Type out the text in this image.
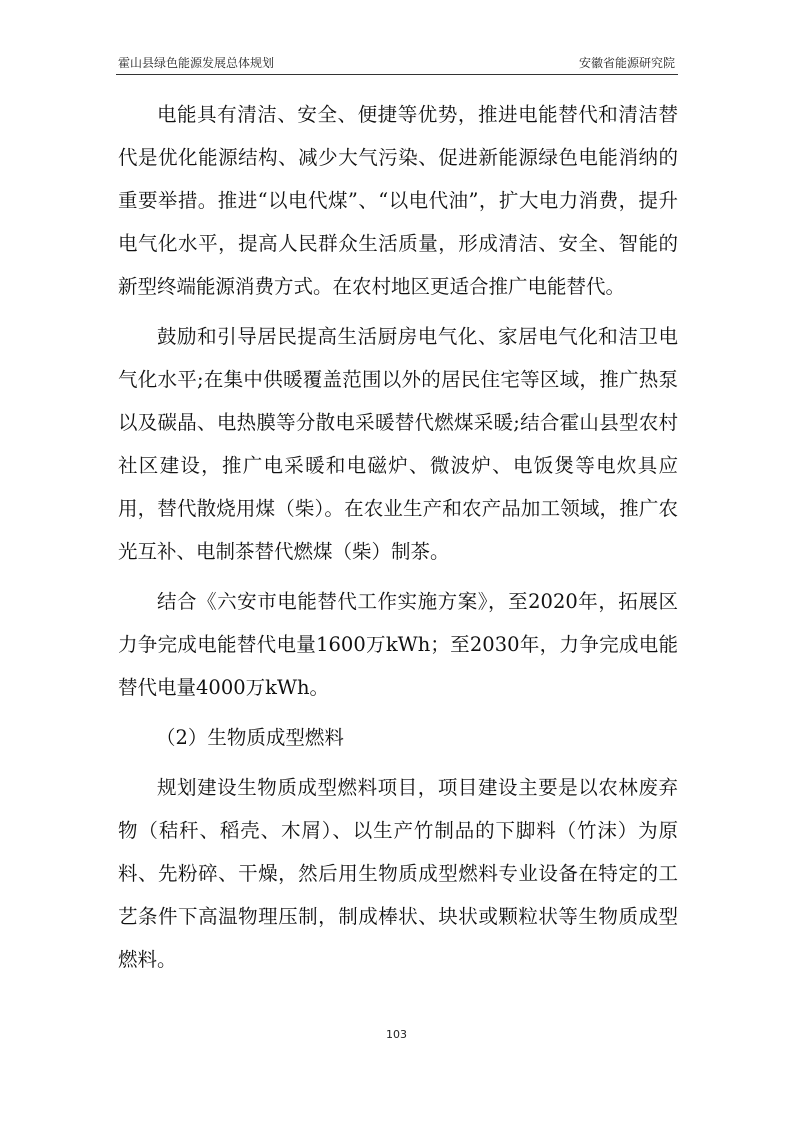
霍山县绿色能源发展总体规划	安徽省能源研究院

电能具有清洁、安全、便捷等优势，推进电能替代和清洁替代是优化能源结构、减少大气污染、促进新能源绿色电能消纳的重要举措。推进“以电代煤”、“以电代油”，扩大电力消费，提升电气化水平，提高人民群众生活质量，形成清洁、安全、智能的新型终端能源消费方式。在农村地区更适合推广电能替代。

鼓励和引导居民提高生活厨房电气化、家居电气化和洁卫电气化水平;在集中供暖覆盖范围以外的居民住宅等区域，推广热泵以及碳晶、电热膜等分散电采暖替代燃煤采暖;结合霍山县型农村社区建设，推广电采暖和电磁炉、微波炉、电饭煲等电炊具应用，替代散烧用煤（柴）。在农业生产和农产品加工领域，推广农光互补、电制茶替代燃煤（柴）制茶。

结合《六安市电能替代工作实施方案》，至2020年，拓展区力争完成电能替代电量1600万kWh；至2030年，力争完成电能替代电量4000万kWh。

（2）生物质成型燃料

规划建设生物质成型燃料项目，项目建设主要是以农林废弃物（秸秆、稻壳、木屑）、以生产竹制品的下脚料（竹沫）为原料、先粉碎、干燥，然后用生物质成型燃料专业设备在特定的工艺条件下高温物理压制，制成棒状、块状或颗粒状等生物质成型燃料。

103
